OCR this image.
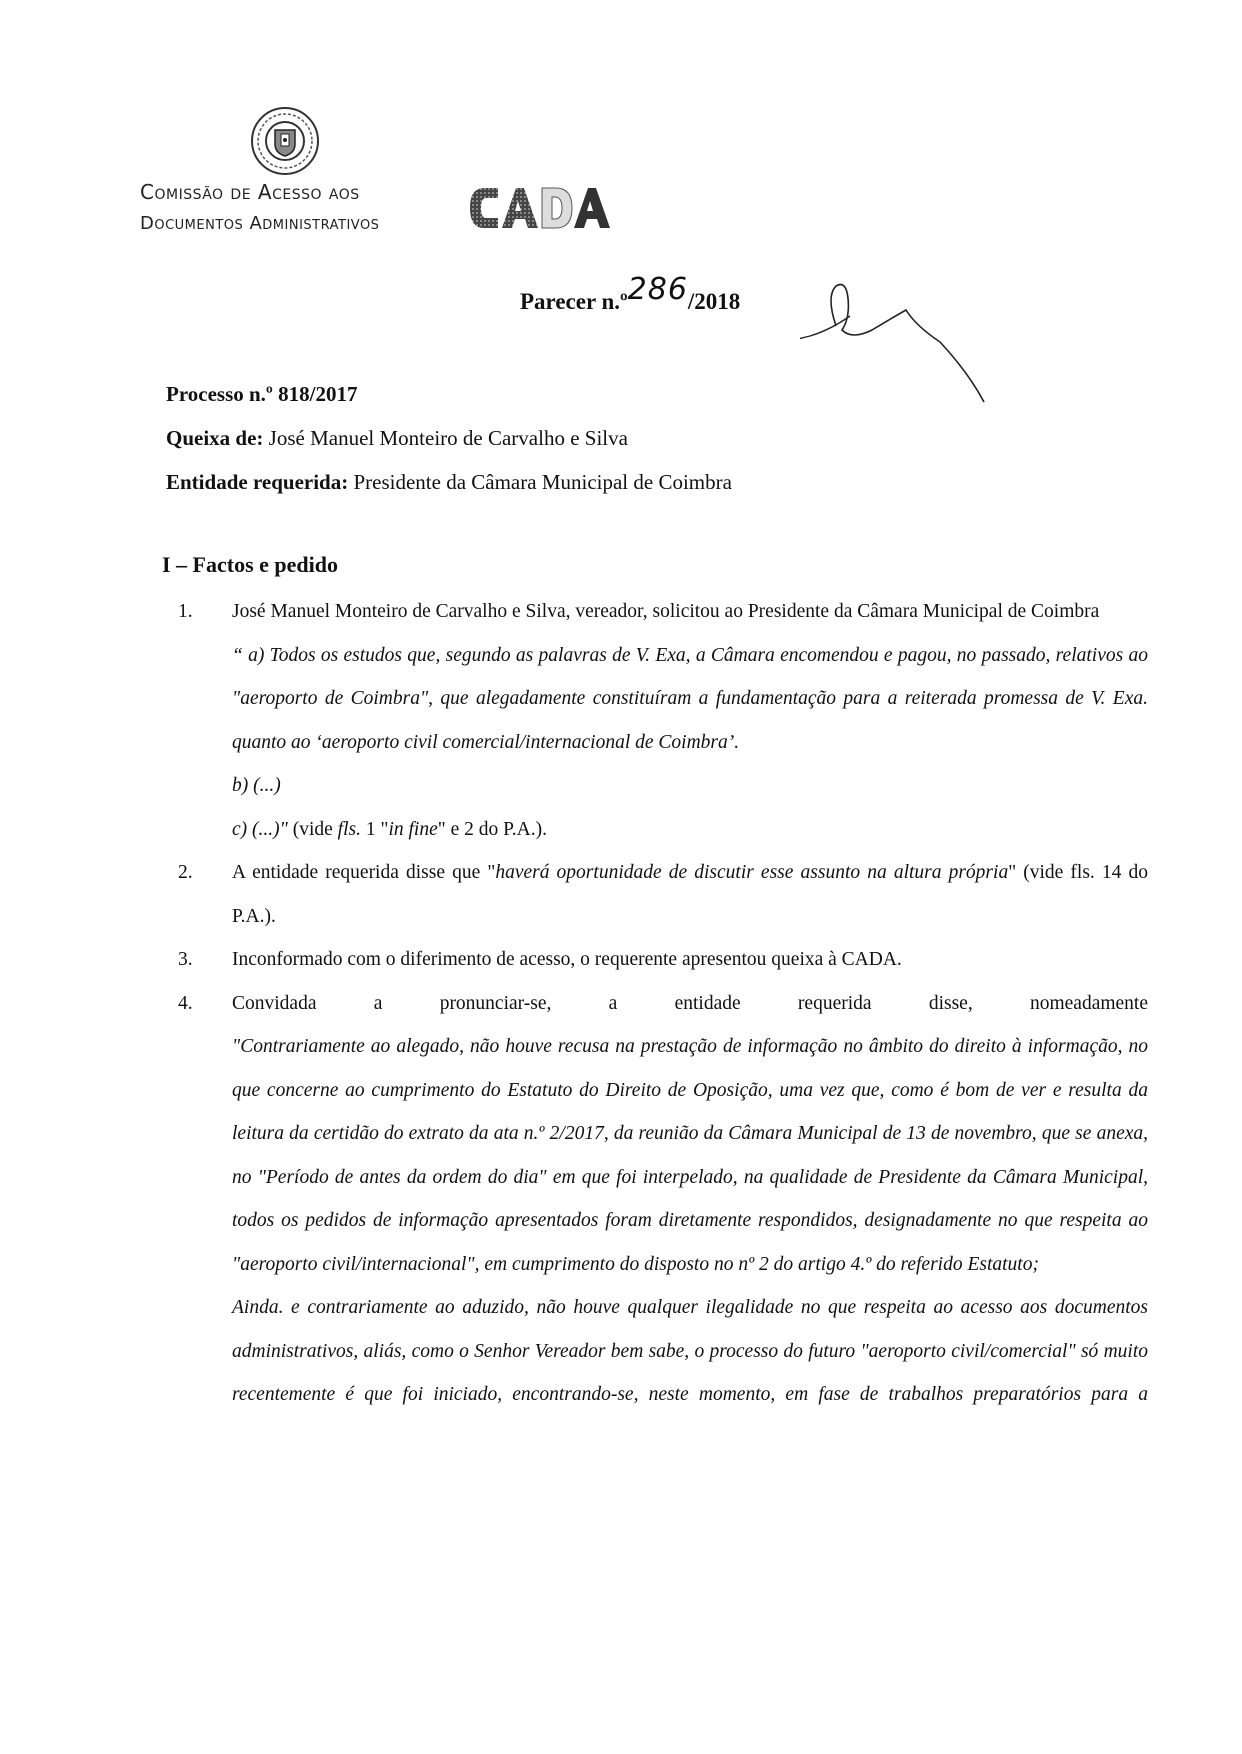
Comissão de Acesso aos
Documentos Administrativos
Parecer n.º286/2018
Processo n.º 818/2017
Queixa de: José Manuel Monteiro de Carvalho e Silva
Entidade requerida: Presidente da Câmara Municipal de Coimbra
I – Factos e pedido
1. José Manuel Monteiro de Carvalho e Silva, vereador, solicitou ao Presidente da Câmara Municipal de Coimbra
“ a) Todos os estudos que, segundo as palavras de V. Exa, a Câmara encomendou e pagou, no passado, relativos ao "aeroporto de Coimbra", que alegadamente constituíram a fundamentação para a reiterada promessa de V. Exa. quanto ao ‘aeroporto civil comercial/internacional de Coimbra’.
b) (...)
c) (...)" (vide fls. 1 "in fine" e 2 do P.A.).
2. A entidade requerida disse que "haverá oportunidade de discutir esse assunto na altura própria" (vide fls. 14 do P.A.).
3. Inconformado com o diferimento de acesso, o requerente apresentou queixa à CADA.
4. Convidada a pronunciar-se, a entidade requerida disse, nomeadamente
"Contrariamente ao alegado, não houve recusa na prestação de informação no âmbito do direito à informação, no que concerne ao cumprimento do Estatuto do Direito de Oposição, uma vez que, como é bom de ver e resulta da leitura da certidão do extrato da ata n.º 2/2017, da reunião da Câmara Municipal de 13 de novembro, que se anexa, no "Período de antes da ordem do dia" em que foi interpelado, na qualidade de Presidente da Câmara Municipal, todos os pedidos de informação apresentados foram diretamente respondidos, designadamente no que respeita ao "aeroporto civil/internacional", em cumprimento do disposto no nº 2 do artigo 4.º do referido Estatuto;
Ainda. e contrariamente ao aduzido, não houve qualquer ilegalidade no que respeita ao acesso aos documentos administrativos, aliás, como o Senhor Vereador bem sabe, o processo do futuro "aeroporto civil/comercial" só muito recentemente é que foi iniciado, encontrando-se, neste momento, em fase de trabalhos preparatórios para a
